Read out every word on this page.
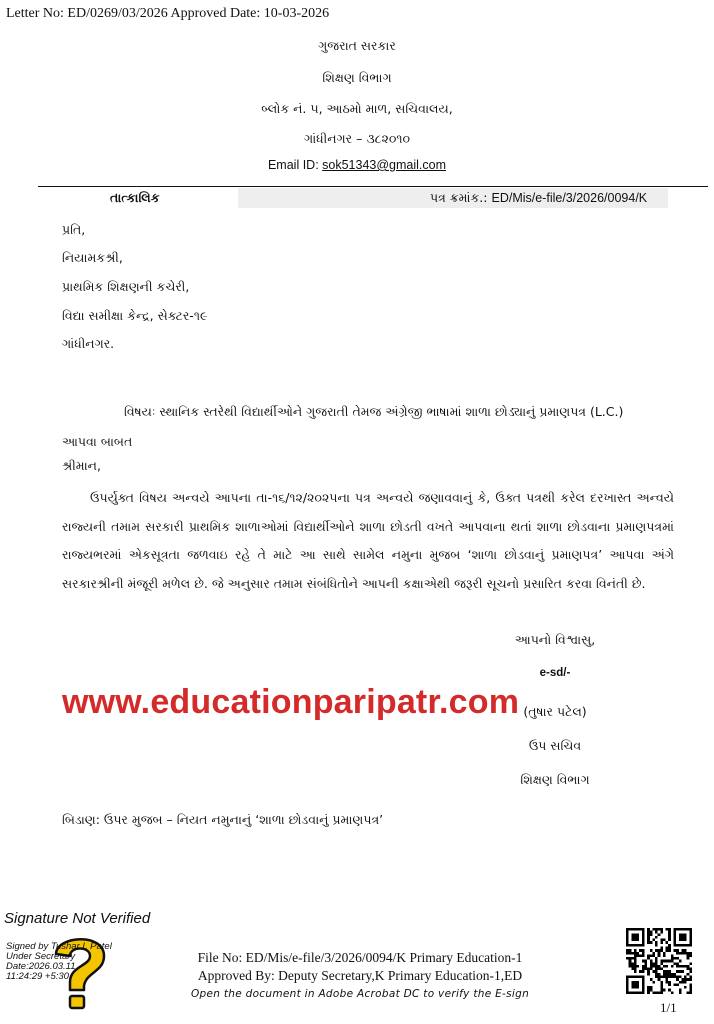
Letter No: ED/0269/03/2026 Approved Date: 10-03-2026
ગુજરાત સરકાર
શિક્ષણ વિભાગ
બ્લોક નં. ૫, આઠમો માળ, સચિવાલય,
ગાંધીનગર – ૩૮૨૦૧૦
Email ID: sok51343@gmail.com
તાત્કાલિક	પત્ર ક્રમાંક.: ED/Mis/e-file/3/2026/0094/K
પ્રતિ,
નિયામકશ્રી,
પ્રાથમિક શિક્ષણની કચેરી,
વિદ્યા સમીક્ષા કેન્દ્ર, સેક્ટર-૧૯
ગાંધીનગર.
વિષયઃ સ્થાનિક સ્તરેથી વિદ્યાર્થીઓને ગુજરાતી તેમજ અંગ્રેજી ભાષામાં શાળા છોડ્યાનું પ્રમાણપત્ર (L.C.)
આપવા બાબત
શ્રીમાન,
ઉપર્યુક્ત વિષય અન્વયે આપના તા-૧૬/૧૨/૨૦૨૫ના પત્ર અન્વયે જણાવવાનું કે, ઉક્ત પત્રથી કરેલ દરખાસ્ત અન્વયે રાજ્યની તમામ સરકારી પ્રાથમિક શાળાઓમાં વિદ્યાર્થીઓને શાળા છોડતી વખતે આપવાના થતાં શાળા છોડવાના પ્રમાણપત્રમાં રાજ્યભરમાં એકસૂત્રતા જળવાઇ રહે તે માટે આ સાથે સામેલ નમુના મુજબ ‘શાળા છોડવાનું પ્રમાણપત્ર’ આપવા અંગે સરકારશ્રીની મંજૂરી મળેલ છે. જે અનુસાર તમામ સંબંધિતોને આપની કક્ષાએથી જરૂરી સૂચનો પ્રસારિત કરવા વિનંતી છે.
આપનો વિશ્વાસુ,
e-sd/-
(તુષાર પટેલ)
ઉપ સચિવ
શિક્ષણ વિભાગ
www.educationparipatr.com
બિડાણ: ઉપર મુજબ – નિયત નમુનાનું ‘શાળા છોડવાનું પ્રમાણપત્ર’
Signature Not Verified
Signed by Tushar L Patel
Under Secretary
Date:2026.03.11
11:24:29 +5:30
File No: ED/Mis/e-file/3/2026/0094/K Primary Education-1
Approved By: Deputy Secretary,K Primary Education-1,ED
Open the document in Adobe Acrobat DC to verify the E-sign
1/1
